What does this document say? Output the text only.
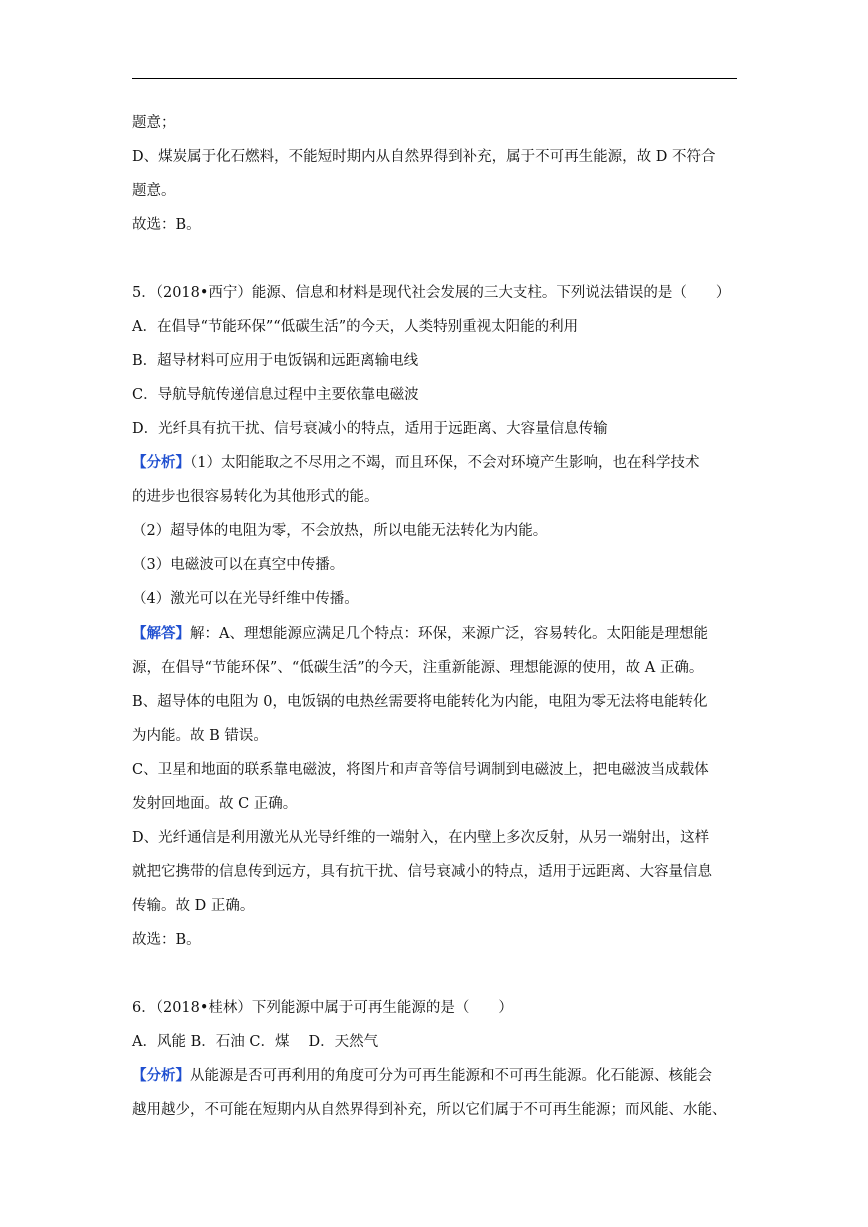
题意；
D、煤炭属于化石燃料，不能短时期内从自然界得到补充，属于不可再生能源，故 D 不符合
题意。
故选：B。
5．（2018•西宁）能源、信息和材料是现代社会发展的三大支柱。下列说法错误的是（　　）
A．在倡导“节能环保”“低碳生活”的今天，人类特别重视太阳能的利用
B．超导材料可应用于电饭锅和远距离输电线
C．导航导航传递信息过程中主要依靠电磁波
D．光纤具有抗干扰、信号衰减小的特点，适用于远距离、大容量信息传输
【分析】（1）太阳能取之不尽用之不竭，而且环保，不会对环境产生影响，也在科学技术
的进步也很容易转化为其他形式的能。
（2）超导体的电阻为零，不会放热，所以电能无法转化为内能。
（3）电磁波可以在真空中传播。
（4）激光可以在光导纤维中传播。
【解答】解：A、理想能源应满足几个特点：环保，来源广泛，容易转化。太阳能是理想能
源，在倡导“节能环保”、“低碳生活”的今天，注重新能源、理想能源的使用，故 A 正确。
B、超导体的电阻为 0，电饭锅的电热丝需要将电能转化为内能，电阻为零无法将电能转化
为内能。故 B 错误。
C、卫星和地面的联系靠电磁波，将图片和声音等信号调制到电磁波上，把电磁波当成载体
发射回地面。故 C 正确。
D、光纤通信是利用激光从光导纤维的一端射入，在内壁上多次反射，从另一端射出，这样
就把它携带的信息传到远方，具有抗干扰、信号衰减小的特点，适用于远距离、大容量信息
传输。故 D 正确。
故选：B。
6．（2018•桂林）下列能源中属于可再生能源的是（　　）
A．风能 B．石油 C．煤　 D．天然气
【分析】从能源是否可再利用的角度可分为可再生能源和不可再生能源。化石能源、核能会
越用越少，不可能在短期内从自然界得到补充，所以它们属于不可再生能源；而风能、水能、
